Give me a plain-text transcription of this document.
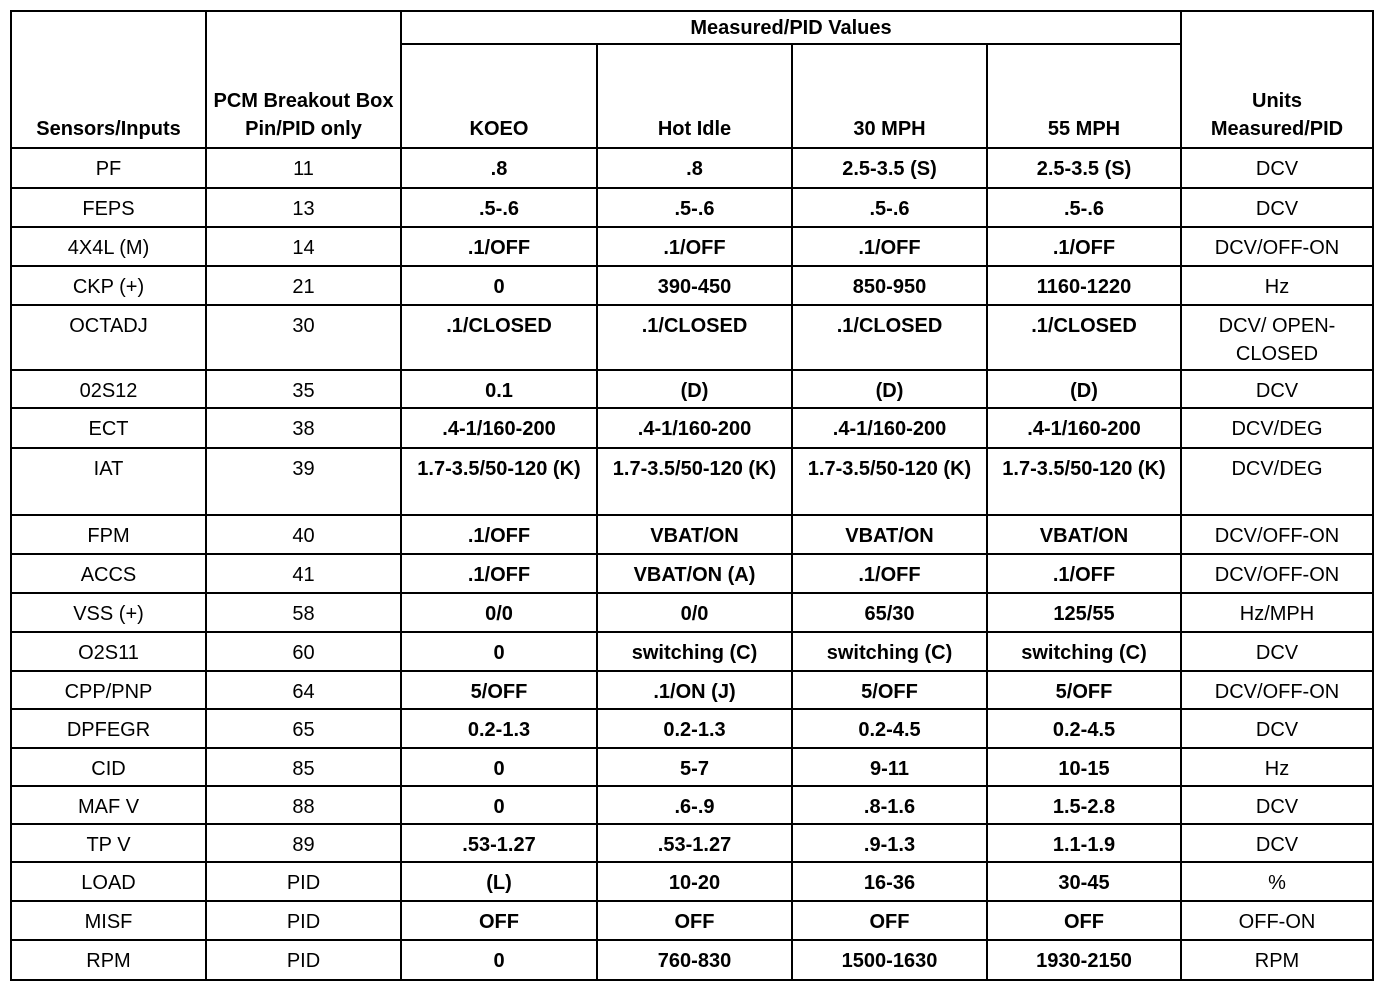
Sensors/Inputs	PCM Breakout Box Pin/PID only	Measured/PID Values				Units Measured/PID
		KOEO	Hot Idle	30 MPH	55 MPH	
PF	11	.8	.8	2.5-3.5 (S)	2.5-3.5 (S)	DCV
FEPS	13	.5-.6	.5-.6	.5-.6	.5-.6	DCV
4X4L (M)	14	.1/OFF	.1/OFF	.1/OFF	.1/OFF	DCV/OFF-ON
CKP (+)	21	0	390-450	850-950	1160-1220	Hz
OCTADJ	30	.1/CLOSED	.1/CLOSED	.1/CLOSED	.1/CLOSED	DCV/ OPEN-CLOSED
02S12	35	0.1	(D)	(D)	(D)	DCV
ECT	38	.4-1/160-200	.4-1/160-200	.4-1/160-200	.4-1/160-200	DCV/DEG
IAT	39	1.7-3.5/50-120 (K)	1.7-3.5/50-120 (K)	1.7-3.5/50-120 (K)	1.7-3.5/50-120 (K)	DCV/DEG
FPM	40	.1/OFF	VBAT/ON	VBAT/ON	VBAT/ON	DCV/OFF-ON
ACCS	41	.1/OFF	VBAT/ON (A)	.1/OFF	.1/OFF	DCV/OFF-ON
VSS (+)	58	0/0	0/0	65/30	125/55	Hz/MPH
O2S11	60	0	switching (C)	switching (C)	switching (C)	DCV
CPP/PNP	64	5/OFF	.1/ON (J)	5/OFF	5/OFF	DCV/OFF-ON
DPFEGR	65	0.2-1.3	0.2-1.3	0.2-4.5	0.2-4.5	DCV
CID	85	0	5-7	9-11	10-15	Hz
MAF V	88	0	.6-.9	.8-1.6	1.5-2.8	DCV
TP V	89	.53-1.27	.53-1.27	.9-1.3	1.1-1.9	DCV
LOAD	PID	(L)	10-20	16-36	30-45	%
MISF	PID	OFF	OFF	OFF	OFF	OFF-ON
RPM	PID	0	760-830	1500-1630	1930-2150	RPM
